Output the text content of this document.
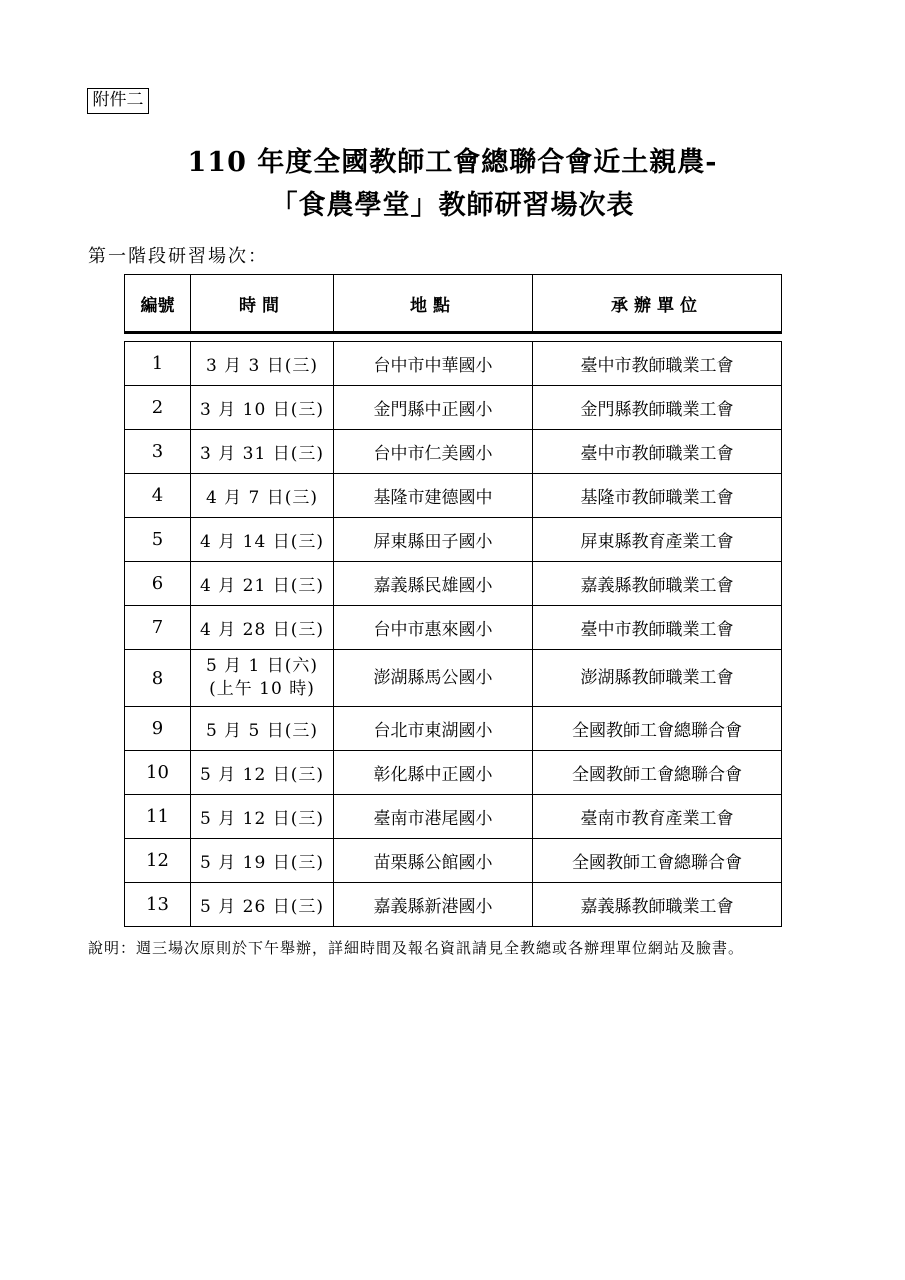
附件二
110 年度全國教師工會總聯合會近土親農-
「食農學堂」教師研習場次表
第一階段研習場次：
編號	時間	地點	承辦單位

1	3 月 3 日(三)	台中市中華國小	臺中市教師職業工會
2	3 月 10 日(三)	金門縣中正國小	金門縣教師職業工會
3	3 月 31 日(三)	台中市仁美國小	臺中市教師職業工會
4	4 月 7 日(三)	基隆市建德國中	基隆市教師職業工會
5	4 月 14 日(三)	屏東縣田子國小	屏東縣教育產業工會
6	4 月 21 日(三)	嘉義縣民雄國小	嘉義縣教師職業工會
7	4 月 28 日(三)	台中市惠來國小	臺中市教師職業工會
8	5 月 1 日(六)
(上午 10 時)	澎湖縣馬公國小	澎湖縣教師職業工會
9	5 月 5 日(三)	台北市東湖國小	全國教師工會總聯合會
10	5 月 12 日(三)	彰化縣中正國小	全國教師工會總聯合會
11	5 月 12 日(三)	臺南市港尾國小	臺南市教育產業工會
12	5 月 19 日(三)	苗栗縣公館國小	全國教師工會總聯合會
13	5 月 26 日(三)	嘉義縣新港國小	嘉義縣教師職業工會
說明：週三場次原則於下午舉辦，詳細時間及報名資訊請見全教總或各辦理單位網站及臉書。
